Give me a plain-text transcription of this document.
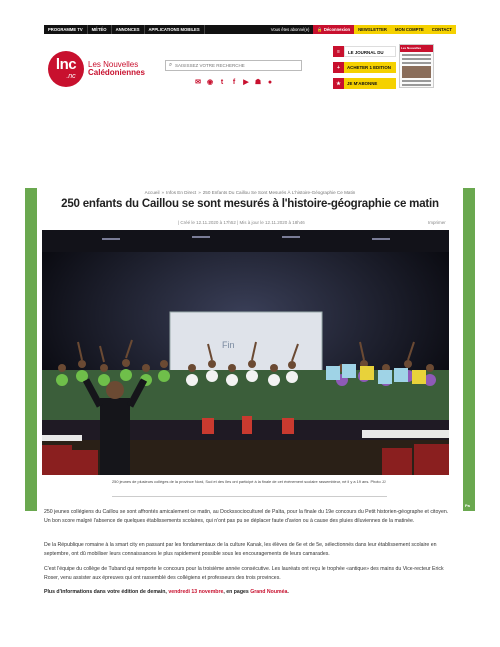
PROGRAMME TV	MÉTÉO	ANNONCES	APPLICATIONS MOBILES	Vous êtes abonné(e)	🔒 Déconnexion	NEWSLETTER	MON COMPTE	CONTACT
lnc
.nc
Les Nouvelles
Calédoniennes
⌕
SAISISSEZ VOTRE RECHERCHE
✉ ◉	t	f	▶ ☗ ●
≡	LE JOURNAL DU
+	ACHETER 1 EDITION
★	JE M'ABONNE
Les Nouvelles
Pa
Accueil » Infos En Direct » 250 Enfants Du Caillou Se Sont Mesurés À L'histoire-Géographie Ce Matin
250 enfants du Caillou se sont mesurés à l'histoire-géographie ce matin
| Créé le 12.11.2020 à 17h52 | Mis à jour le 12.11.2020 à 18h46	Imprimer
Fin
250 jeunes de plusieurs collèges de la province Nord, Sud et des îles ont participé à la finale de cet évènement scolaire rassembleur, né il y a 19 ans. Photo JJ

250 jeunes collégiens du Caillou se sont affrontés amicalement ce matin, au Dockssocioculturel de Païta, pour la finale du 19e concours du Petit historien-géographe et citoyen. Un bon score malgré l'absence de quelques établissements scolaires, qui n'ont pas pu se déplacer faute d'avion ou à cause des pluies diluviennes de la matinée.

De la République romaine à la smart city en passant par les fondamentaux de la culture Kanak, les élèves de 6e et de 5e, sélectionnés dans leur établissement scolaire en septembre, ont dû mobiliser leurs connaissances le plus rapidement possible sous les encouragements de leurs camarades.

C'est l'équipe du collège de Tuband qui remporte le concours pour la troisième année consécutive. Les lauréats ont reçu le trophée «antique» des mains du Vice-recteur Erick Roser, venu assister aux épreuves qui ont rassemblé des collégiens et professeurs des trois provinces.

Plus d'informations dans votre édition de demain, vendredi 13 novembre, en pages Grand Nouméa.
